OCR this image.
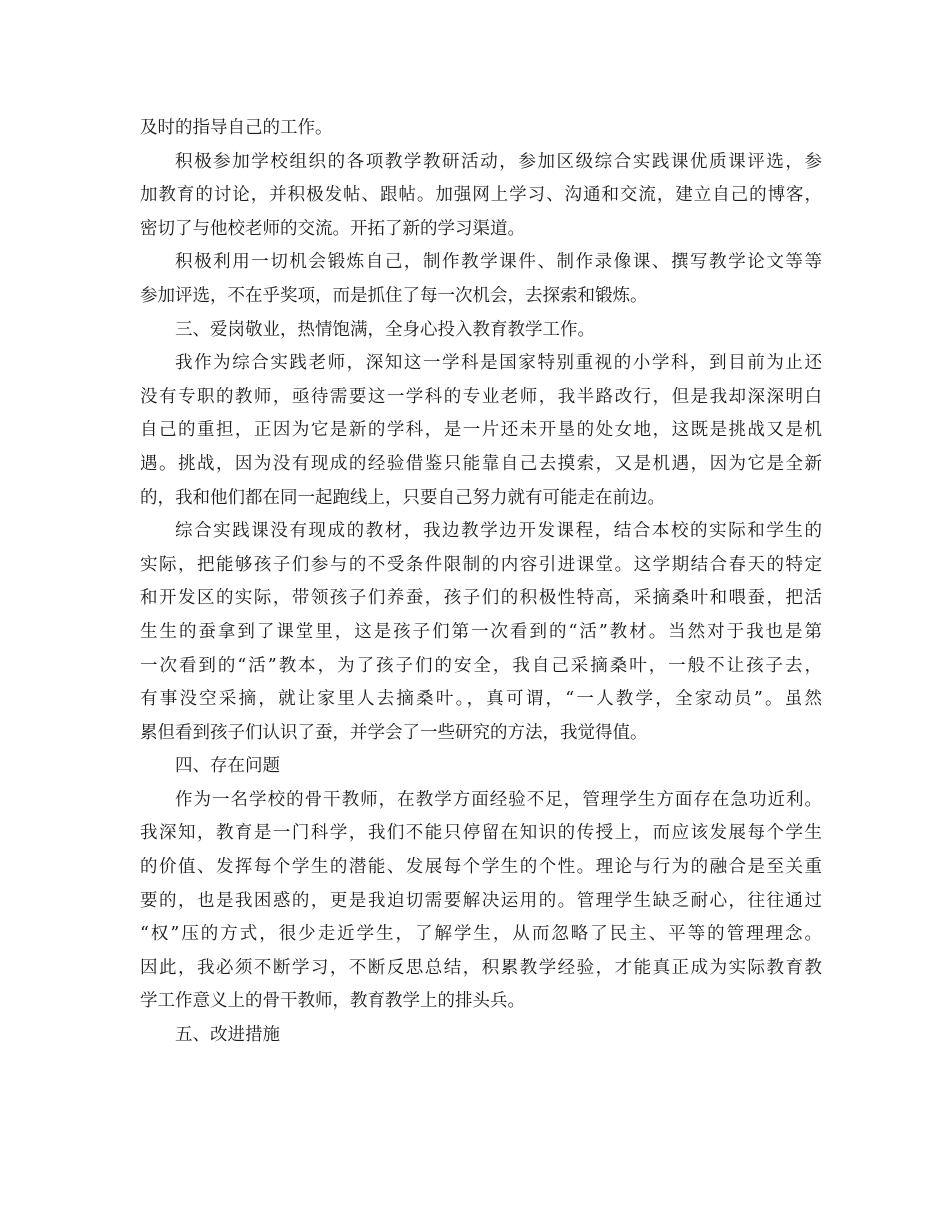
及时的指导自己的工作。
积极参加学校组织的各项教学教研活动，参加区级综合实践课优质课评选，参
加教育的讨论，并积极发帖、跟帖。加强网上学习、沟通和交流，建立自己的博客，
密切了与他校老师的交流。开拓了新的学习渠道。
积极利用一切机会锻炼自己，制作教学课件、制作录像课、撰写教学论文等等
参加评选，不在乎奖项，而是抓住了每一次机会，去探索和锻炼。
三、爱岗敬业，热情饱满，全身心投入教育教学工作。
我作为综合实践老师，深知这一学科是国家特别重视的小学科，到目前为止还
没有专职的教师，亟待需要这一学科的专业老师，我半路改行，但是我却深深明白
自己的重担，正因为它是新的学科，是一片还未开垦的处女地，这既是挑战又是机
遇。挑战，因为没有现成的经验借鉴只能靠自己去摸索，又是机遇，因为它是全新
的，我和他们都在同一起跑线上，只要自己努力就有可能走在前边。
综合实践课没有现成的教材，我边教学边开发课程，结合本校的实际和学生的
实际，把能够孩子们参与的不受条件限制的内容引进课堂。这学期结合春天的特定
和开发区的实际，带领孩子们养蚕，孩子们的积极性特高，采摘桑叶和喂蚕，把活
生生的蚕拿到了课堂里，这是孩子们第一次看到的“活”教材。当然对于我也是第
一次看到的“活”教本，为了孩子们的安全，我自己采摘桑叶，一般不让孩子去，
有事没空采摘，就让家里人去摘桑叶。，真可谓，“一人教学，全家动员”。虽然
累但看到孩子们认识了蚕，并学会了一些研究的方法，我觉得值。
四、存在问题
作为一名学校的骨干教师，在教学方面经验不足，管理学生方面存在急功近利。
我深知，教育是一门科学，我们不能只停留在知识的传授上，而应该发展每个学生
的价值、发挥每个学生的潜能、发展每个学生的个性。理论与行为的融合是至关重
要的，也是我困惑的，更是我迫切需要解决运用的。管理学生缺乏耐心，往往通过
“权”压的方式，很少走近学生，了解学生，从而忽略了民主、平等的管理理念。
因此，我必须不断学习，不断反思总结，积累教学经验，才能真正成为实际教育教
学工作意义上的骨干教师，教育教学上的排头兵。
五、改进措施
